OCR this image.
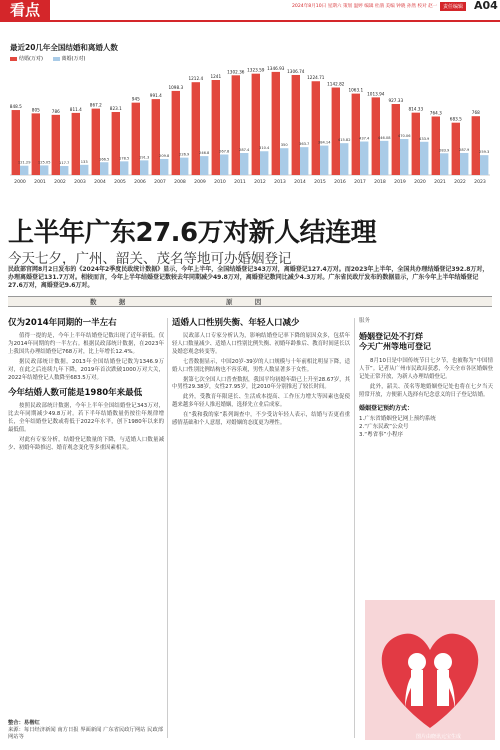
看点	2024年8月10日 星期六 策划 温婷 编辑 杜鹃 美编 钟晓 孙然 校对 赵一	责任编辑 A04
最近20几年全国结婚和离婚人数
结婚(万对)	离婚(万对)
848.5
121.29
2000
805
125.05
2001
786
117.7
2002
811.4
133
2003
867.2
166.5
2004
823.1
178.5
2005
945
191.3
2006
991.4
209.8
2007
1098.3
226.9
2008
1212.4
246.8
2009
1241
267.8
2010
1302.36
287.4
2011
1323.59
310.4
2012
1346.93
350
2013
1306.74
363.7
2014
1224.71
384.14
2015
1142.82
415.82
2016
1063.1
437.4
2017
1013.94
446.08
2018
927.33
470.06
2019
814.33
433.9
2020
764.3
283.9
2021
683.5
287.9
2022
768
259.3
2023
上半年广东27.6万对新人结连理
今天七夕，广州、韶关、茂名等地可办婚姻登记
民政部官网8月2日发布的《2024年2季度民政统计数据》显示，今年上半年，全国结婚登记343万对，离婚登记127.4万对。而2023年上半年，全国共办理结婚登记392.8万对，办理离婚登记131.7万对。相较而言，今年上半年结婚登记数较去年同期减少49.8万对，离婚登记数同比减少4.3万对。广东省民政厅发布的数据显示，广东今年上半年结婚登记27.6万对，离婚登记9.6万对。
数 据	原 因
仅为2014年同期的一半左右

值得一提的是，今年上半年结婚登记数出现了近年新低。仅为2014年同期的约一半左右。根据民政部统计数据，在2023年上我国共办理结婚登记768万对，比上年增长12.4%。

据民政部统计数据，2013年全国结婚登记数为1346.9万对，在此之后连续九年下降，2019年首次跌破1000万对大关，2022年结婚登记人数降至683.5万对。

今年结婚人数可能是1980年来最低

按照民政部统计数据，今年上半年全国结婚登记343万对，比去年同期减少49.8万对。若下半年结婚数量仍按往年规律增长，全年结婚登记数或将低于2022年水平，创下1980年以来的最低值。

对此有专家分析，结婚登记数量的下降，与适婚人口数量减少、初婚年龄推迟、婚育观念变化等多重因素相关。

适婚人口性别失衡、年轻人口减少

民政部人口专家分析认为，影响结婚登记率下降的原因众多，包括年轻人口数量减少、适婚人口性别比例失衡、初婚年龄推后、教育时间延长以及婚恋观念转变等。

七普数据显示，中国20岁-39岁的人口规模与十年前相比明显下降，适婚人口性别比例结构也不容乐观，男性人数显著多于女性。

据第七次全国人口普查数据，我国平均初婚年龄已上升至28.67岁，其中男性29.38岁，女性27.95岁，比2010年分别推迟了较长时间。

此外，受教育年限延长、生活成本提高、工作压力增大等因素也促使越来越多年轻人推迟婚姻，选择先立业后成家。

在“我和我的家”系列调查中，不少受访年轻人表示，结婚与否更看重感情基础和个人意愿，对婚姻的态度更为理性。

服务
婚姻登记处不打烊
今天广州等地可登记

8月10日是中国传统节日七夕节，也被称为“中国情人节”。记者从广州市民政局获悉，今天全市各区婚姻登记处正常开放，为新人办理结婚登记。

此外，韶关、茂名等地婚姻登记处也将在七夕当天照常开放，方便新人选择有纪念意义的日子登记结婚。

婚姻登记预约方式：
1.广东省婚姻登记网上预约系统
2.“广东民政”公众号
3.“粤省事”小程序
图片由晓讯元宝生成
整合：易楷红
来源：每日经济新闻 南方日报 界面新闻 广东省民政厅网站 民政部网站等
